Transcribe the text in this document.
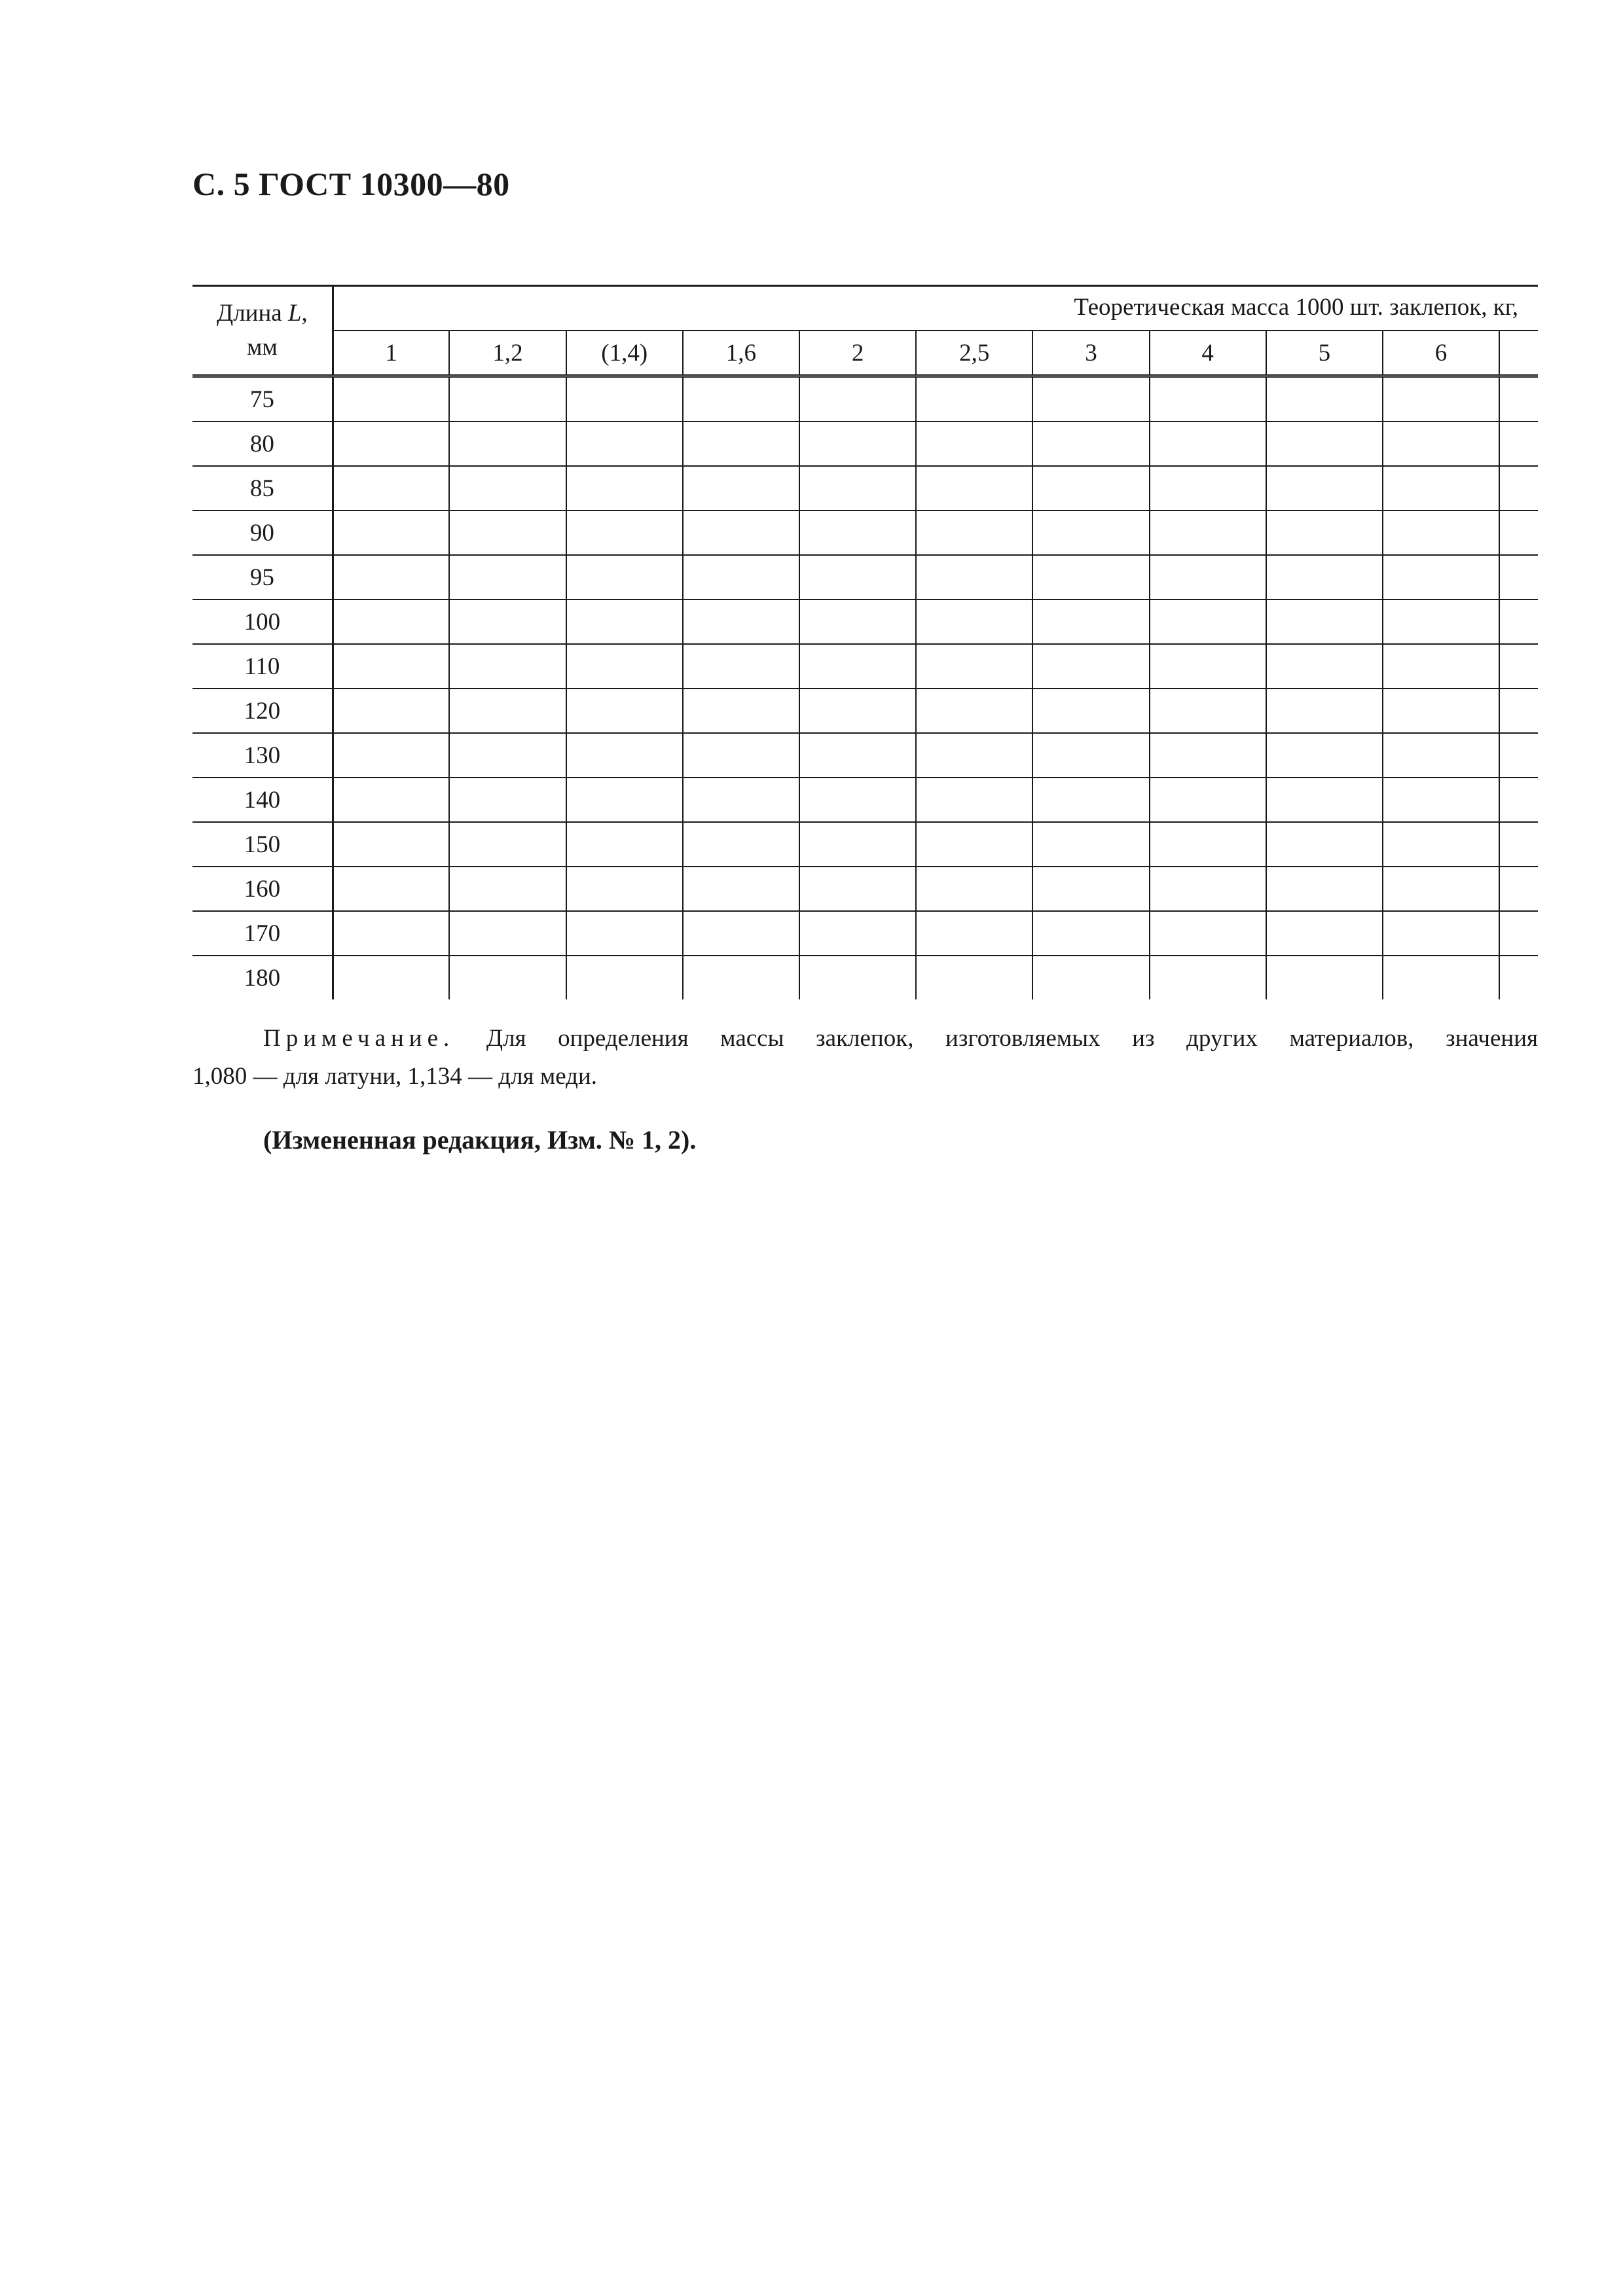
С. 5 ГОСТ 10300—80
Длина L,
мм	Теоретическая масса 1000 шт. заклепок, кг,										

	1	1,2	(1,4)	1,6	2	2,5	3	4	5	6	

75											
80											
85											
90											
95											
100											
110											
120											
130											
140											
150											
160											
170											
180											
Примечание. Для определения массы заклепок, изготовляемых из других материалов, значения
1,080 — для латуни, 1,134 — для меди.
(Измененная редакция, Изм. № 1, 2).
